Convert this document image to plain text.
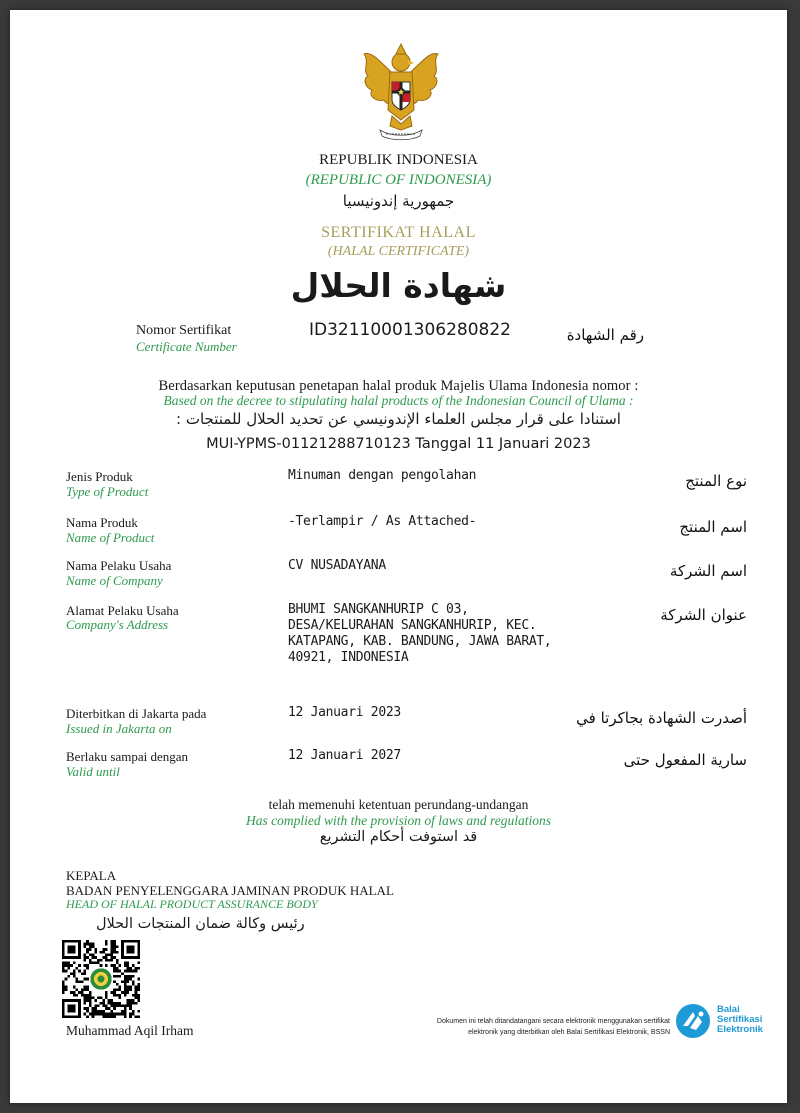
REPUBLIK INDONESIA
(REPUBLIC OF INDONESIA)
جمهورية إندونيسيا
SERTIFIKAT HALAL
(HALAL CERTIFICATE)
شهادة الحلال
Nomor Sertifikat
Certificate Number
ID32110001306280822	رقم الشهادة
Berdasarkan keputusan penetapan halal produk Majelis Ulama Indonesia nomor :
Based on the decree to stipulating halal products of the Indonesian Council of Ulama :
استنادا على قرار مجلس العلماء الإندونيسي عن تحديد الحلال للمنتجات :
MUI-YPMS-01121288710123 Tanggal 11 Januari 2023
Jenis Produk
Type of Product
Minuman dengan pengolahan	نوع المنتج
Nama Produk
Name of Product
-Terlampir / As Attached-	اسم المنتج
Nama Pelaku Usaha
Name of Company
CV NUSADAYANA	اسم الشركة
Alamat Pelaku Usaha
Company's Address
BHUMI SANGKANHURIP C 03,
DESA/KELURAHAN SANGKANHURIP, KEC.
KATAPANG, KAB. BANDUNG, JAWA BARAT,
40921, INDONESIA
عنوان الشركة
Diterbitkan di Jakarta pada
Issued in Jakarta on
12 Januari 2023	أصدرت الشهادة بجاكرتا في
Berlaku sampai dengan
Valid until
12 Januari 2027	سارية المفعول حتى
telah memenuhi ketentuan perundang-undangan
Has complied with the provision of laws and regulations
قد استوفت أحكام التشريع
KEPALA
BADAN PENYELENGGARA JAMINAN PRODUK HALAL
HEAD OF HALAL PRODUCT ASSURANCE BODY
رئيس وكالة ضمان المنتجات الحلال
Muhammad Aqil Irham
Dokumen ini telah ditandatangani secara elektronik menggunakan sertifikat
elektronik yang diterbitkan oleh Balai Sertifikasi Elektronik, BSSN
Balai
Sertifikasi
Elektronik
